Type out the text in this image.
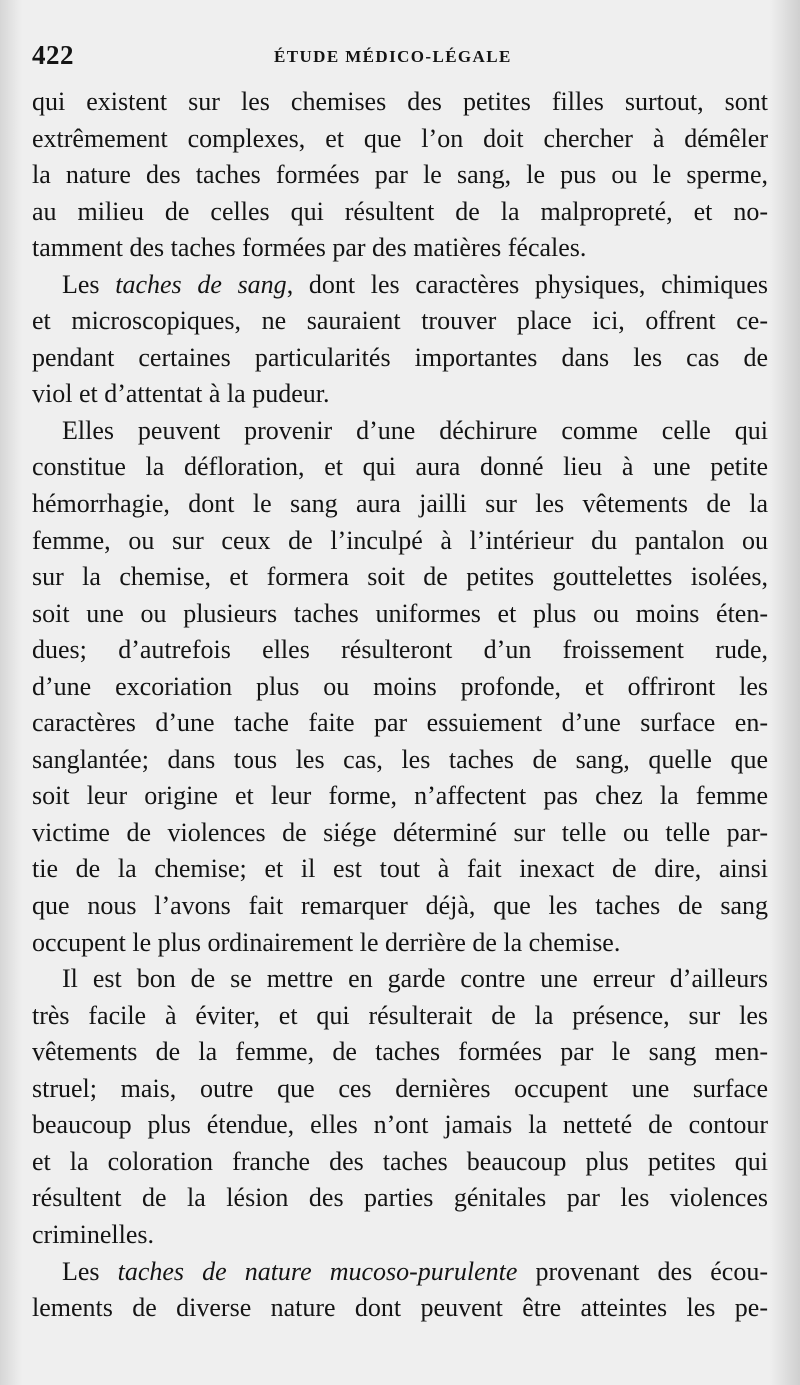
422	ÉTUDE MÉDICO-LÉGALE
qui existent sur les chemises des petites filles surtout, sont
extrêmement complexes, et que l’on doit chercher à démêler
la nature des taches formées par le sang, le pus ou le sperme,
au milieu de celles qui résultent de la malpropreté, et no-
tamment des taches formées par des matières fécales.
Les taches de sang, dont les caractères physiques, chimiques
et microscopiques, ne sauraient trouver place ici, offrent ce-
pendant certaines particularités importantes dans les cas de
viol et d’attentat à la pudeur.
Elles peuvent provenir d’une déchirure comme celle qui
constitue la défloration, et qui aura donné lieu à une petite
hémorrhagie, dont le sang aura jailli sur les vêtements de la
femme, ou sur ceux de l’inculpé à l’intérieur du pantalon ou
sur la chemise, et formera soit de petites gouttelettes isolées,
soit une ou plusieurs taches uniformes et plus ou moins éten-
dues; d’autrefois elles résulteront d’un froissement rude,
d’une excoriation plus ou moins profonde, et offriront les
caractères d’une tache faite par essuiement d’une surface en-
sanglantée; dans tous les cas, les taches de sang, quelle que
soit leur origine et leur forme, n’affectent pas chez la femme
victime de violences de siége déterminé sur telle ou telle par-
tie de la chemise; et il est tout à fait inexact de dire, ainsi
que nous l’avons fait remarquer déjà, que les taches de sang
occupent le plus ordinairement le derrière de la chemise.
Il est bon de se mettre en garde contre une erreur d’ailleurs
très facile à éviter, et qui résulterait de la présence, sur les
vêtements de la femme, de taches formées par le sang men-
struel; mais, outre que ces dernières occupent une surface
beaucoup plus étendue, elles n’ont jamais la netteté de contour
et la coloration franche des taches beaucoup plus petites qui
résultent de la lésion des parties génitales par les violences
criminelles.
Les taches de nature mucoso-purulente provenant des écou-
lements de diverse nature dont peuvent être atteintes les pe-
